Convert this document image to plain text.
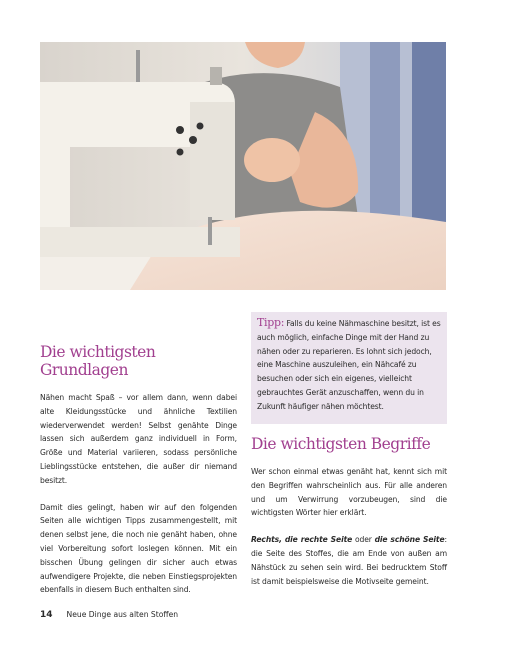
Die wichtigsten Grundlagen

Nähen macht Spaß – vor allem dann, wenn dabei alte Kleidungsstücke und ähnliche Textilien wiederverwendet werden! Selbst genähte Dinge lassen sich außerdem ganz individuell in Form, Größe und Material variieren, sodass persönliche Lieblingsstücke entstehen, die außer dir niemand besitzt.

Damit dies gelingt, haben wir auf den folgenden Seiten alle wichtigen Tipps zusammengestellt, mit denen selbst jene, die noch nie genäht haben, ohne viel Vorbereitung sofort loslegen können. Mit ein bisschen Übung gelingen dir sicher auch etwas aufwendigere Projekte, die neben Einstiegsprojekten ebenfalls in diesem Buch enthalten sind.

Tipp: Falls du keine Nähmaschine besitzt, ist es auch möglich, einfache Dinge mit der Hand zu nähen oder zu reparieren. Es lohnt sich jedoch, eine Maschine auszuleihen, ein Nähcafé zu besuchen oder sich ein eigenes, vielleicht gebrauchtes Gerät anzuschaffen, wenn du in Zukunft häufiger nähen möchtest.

Die wichtigsten Begriffe

Wer schon einmal etwas genäht hat, kennt sich mit den Begriffen wahrscheinlich aus. Für alle anderen und um Verwirrung vorzubeugen, sind die wichtigsten Wörter hier erklärt.

Rechts, die rechte Seite oder die schöne Seite: die Seite des Stoffes, die am Ende von außen am Nähstück zu sehen sein wird. Bei bedrucktem Stoff ist damit beispielsweise die Motivseite gemeint.

14 Neue Dinge aus alten Stoffen
